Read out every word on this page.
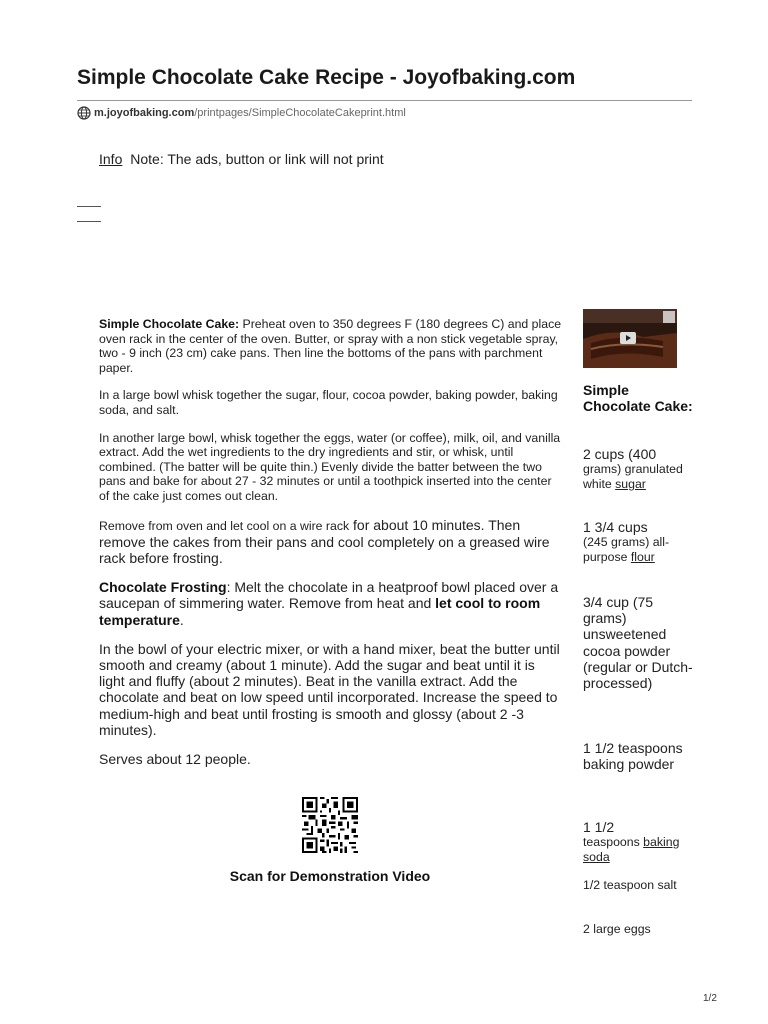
Simple Chocolate Cake Recipe - Joyofbaking.com
m.joyofbaking.com /printpages/SimpleChocolateCakeprint.html
Info Note: The ads, button or link will not print

Simple Chocolate Cake: Preheat oven to 350 degrees F (180 degrees C) and place oven rack in the center of the oven. Butter, or spray with a non stick vegetable spray, two - 9 inch (23 cm) cake pans. Then line the bottoms of the pans with parchment paper.

In a large bowl whisk together the sugar, flour, cocoa powder, baking powder, baking soda, and salt.

In another large bowl, whisk together the eggs, water (or coffee), milk, oil, and vanilla extract. Add the wet ingredients to the dry ingredients and stir, or whisk, until combined. (The batter will be quite thin.) Evenly divide the batter between the two pans and bake for about 27 - 32 minutes or until a toothpick inserted into the center of the cake just comes out clean.

Remove from oven and let cool on a wire rack for about 10 minutes. Then remove the cakes from their pans and cool completely on a greased wire rack before frosting.

Chocolate Frosting: Melt the chocolate in a heatproof bowl placed over a saucepan of simmering water. Remove from heat and let cool to room temperature.

In the bowl of your electric mixer, or with a hand mixer, beat the butter until smooth and creamy (about 1 minute). Add the sugar and beat until it is light and fluffy (about 2 minutes). Beat in the vanilla extract. Add the chocolate and beat on low speed until incorporated. Increase the speed to medium-high and beat until frosting is smooth and glossy (about 2 -3 minutes).

Serves about 12 people.

Scan for Demonstration Video
Simple Chocolate Cake:
2 cups (400
grams) granulated white sugar
1 3/4 cups
(245 grams) all-purpose flour
3/4 cup (75 grams) unsweetened cocoa powder (regular or Dutch-processed)
1 1/2 teaspoons baking powder
1 1/2
teaspoons baking soda
1/2 teaspoon salt
2 large eggs
1/2
